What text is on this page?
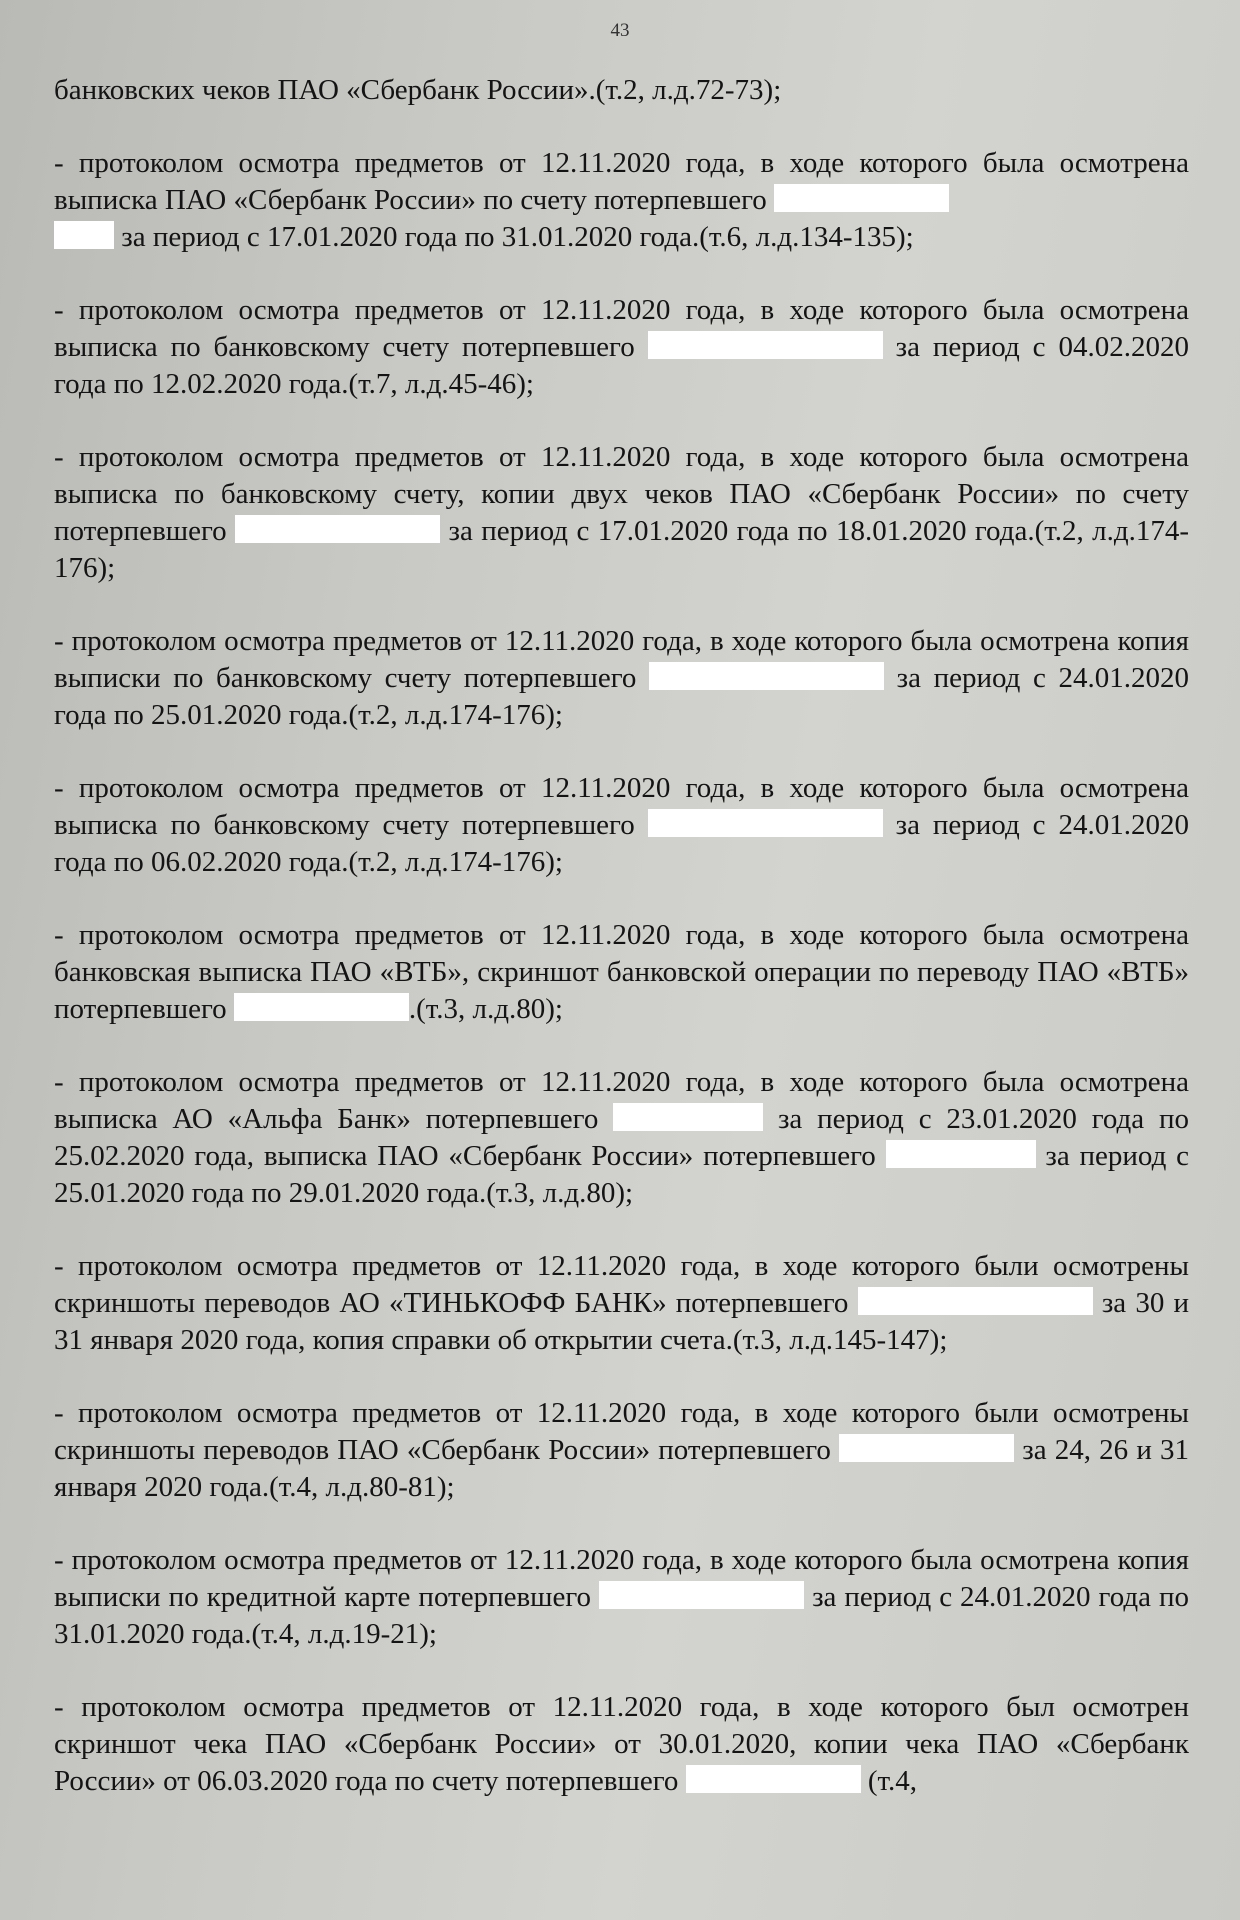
43

банковских чеков ПАО «Сбербанк России».(т.2, л.д.72-73);

- протоколом осмотра предметов от 12.11.2020 года, в ходе которого была осмотрена выписка ПАО «Сбербанк России» по счету потерпевшего
за период с 17.01.2020 года по 31.01.2020 года.(т.6, л.д.134-135);

- протоколом осмотра предметов от 12.11.2020 года, в ходе которого была осмотрена выписка по банковскому счету потерпевшего	за период с 04.02.2020 года по 12.02.2020 года.(т.7, л.д.45-46);

- протоколом осмотра предметов от 12.11.2020 года, в ходе которого была осмотрена выписка по банковскому счету, копии двух чеков ПАО «Сбербанк России» по счету потерпевшего	за период с 17.01.2020 года по 18.01.2020 года.(т.2, л.д.174-176);

- протоколом осмотра предметов от 12.11.2020 года, в ходе которого была осмотрена копия выписки по банковскому счету потерпевшего	за период с 24.01.2020 года по 25.01.2020 года.(т.2, л.д.174-176);

- протоколом осмотра предметов от 12.11.2020 года, в ходе которого была осмотрена выписка по банковскому счету потерпевшего	за период с 24.01.2020 года по 06.02.2020 года.(т.2, л.д.174-176);

- протоколом осмотра предметов от 12.11.2020 года, в ходе которого была осмотрена банковская выписка ПАО «ВТБ», скриншот банковской операции по переводу ПАО «ВТБ» потерпевшего	.(т.3, л.д.80);

- протоколом осмотра предметов от 12.11.2020 года, в ходе которого была осмотрена выписка АО «Альфа Банк» потерпевшего	за период с 23.01.2020 года по 25.02.2020 года, выписка ПАО «Сбербанк России» потерпевшего	за период с 25.01.2020 года по 29.01.2020 года.(т.3, л.д.80);

- протоколом осмотра предметов от 12.11.2020 года, в ходе которого были осмотрены скриншоты переводов АО «ТИНЬКОФФ БАНК» потерпевшего	за 30 и 31 января 2020 года, копия справки об открытии счета.(т.3, л.д.145-147);

- протоколом осмотра предметов от 12.11.2020 года, в ходе которого были осмотрены скриншоты переводов ПАО «Сбербанк России» потерпевшего	за 24, 26 и 31 января 2020 года.(т.4, л.д.80-81);

- протоколом осмотра предметов от 12.11.2020 года, в ходе которого была осмотрена копия выписки по кредитной карте потерпевшего	за период с 24.01.2020 года по 31.01.2020 года.(т.4, л.д.19-21);

- протоколом осмотра предметов от 12.11.2020 года, в ходе которого был осмотрен скриншот чека ПАО «Сбербанк России» от 30.01.2020, копии чека ПАО «Сбербанк России» от 06.03.2020 года по счету потерпевшего	(т.4,
